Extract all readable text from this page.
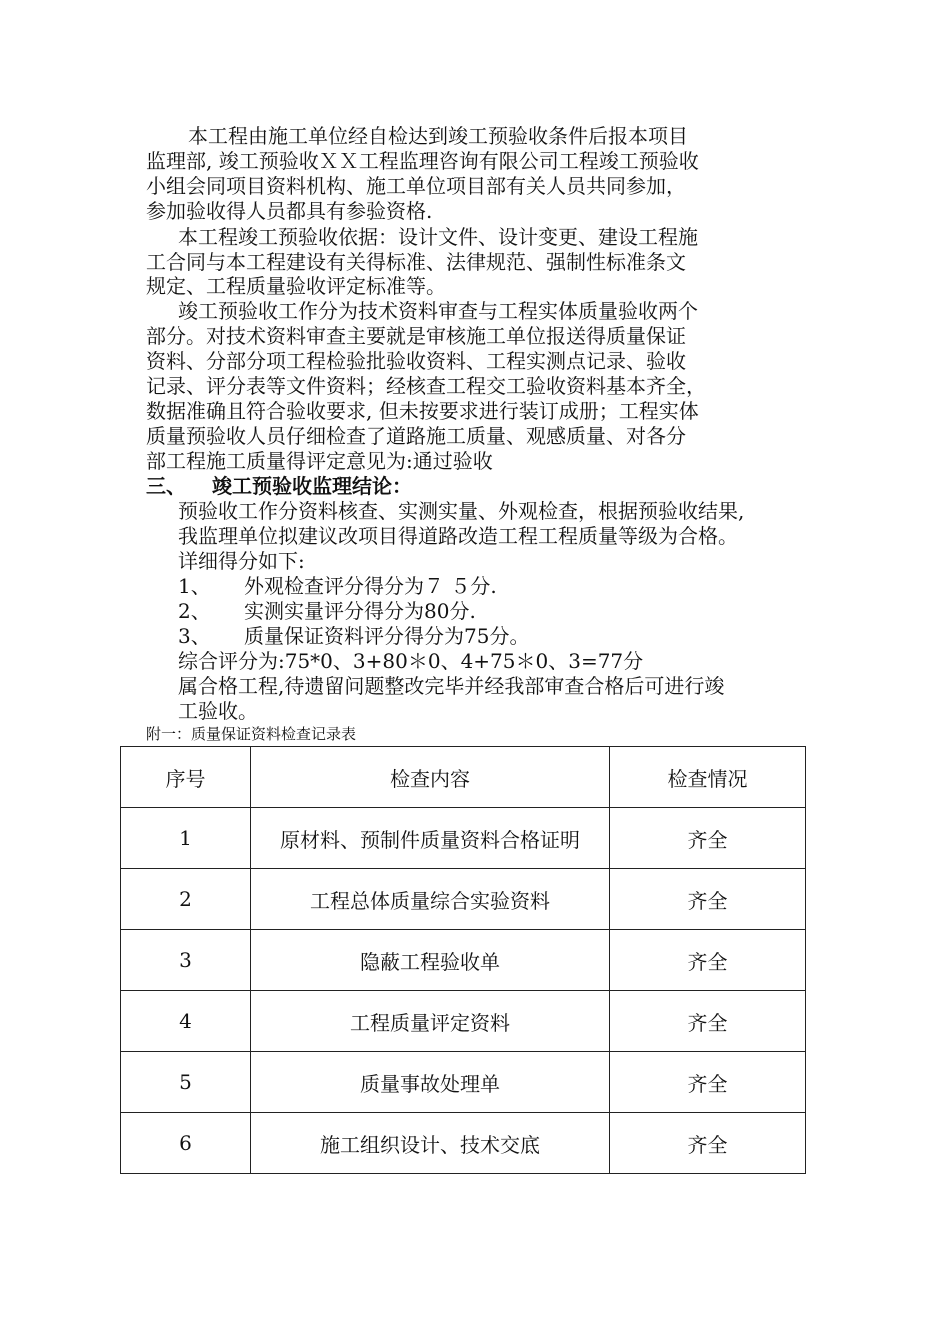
本工程由施工单位经自检达到竣工预验收条件后报本项目
监理部, 竣工预验收ＸＸ工程监理咨询有限公司工程竣工预验收
小组会同项目资料机构、施工单位项目部有关人员共同参加，
参加验收得人员都具有参验资格.
本工程竣工预验收依据：设计文件、设计变更、建设工程施
工合同与本工程建设有关得标准、法律规范、强制性标准条文
规定、工程质量验收评定标准等。
竣工预验收工作分为技术资料审查与工程实体质量验收两个
部分。对技术资料审查主要就是审核施工单位报送得质量保证
资料、分部分项工程检验批验收资料、工程实测点记录、验收
记录、评分表等文件资料；经核查工程交工验收资料基本齐全，
数据准确且符合验收要求, 但未按要求进行装订成册；工程实体
质量预验收人员仔细检查了道路施工质量、观感质量、对各分
部工程施工质量得评定意见为:通过验收
三、 竣工预验收监理结论：
预验收工作分资料核查、实测实量、外观检查，根据预验收结果,
我监理单位拟建议改项目得道路改造工程工程质量等级为合格。
详细得分如下:
1、 外观检查评分得分为７ ５分.
2、 实测实量评分得分为80分.
3、 质量保证资料评分得分为75分。
综合评分为:75*0、3+80＊0、4+75＊0、3=77分
属合格工程,待遗留问题整改完毕并经我部审查合格后可进行竣
工验收。
附一：质量保证资料检查记录表
序号	检查内容	检查情况
1	原材料、预制件质量资料合格证明	齐全
2	工程总体质量综合实验资料	齐全
3	隐蔽工程验收单	齐全
4	工程质量评定资料	齐全
5	质量事故处理单	齐全
6	施工组织设计、技术交底	齐全
